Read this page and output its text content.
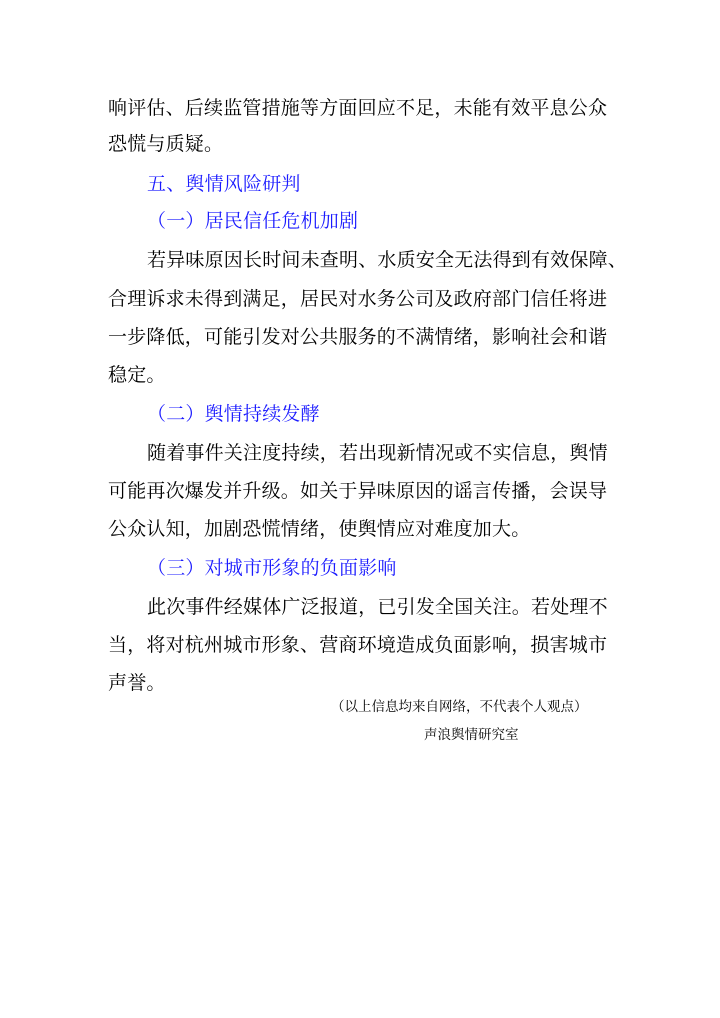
响评估、后续监管措施等方面回应不足，未能有效平息公众
恐慌与质疑。
五、舆情风险研判
（一）居民信任危机加剧
若异味原因长时间未查明、水质安全无法得到有效保障、
合理诉求未得到满足，居民对水务公司及政府部门信任将进
一步降低，可能引发对公共服务的不满情绪，影响社会和谐
稳定。
（二）舆情持续发酵
随着事件关注度持续，若出现新情况或不实信息，舆情
可能再次爆发并升级。如关于异味原因的谣言传播，会误导
公众认知，加剧恐慌情绪，使舆情应对难度加大。
（三）对城市形象的负面影响
此次事件经媒体广泛报道，已引发全国关注。若处理不
当，将对杭州城市形象、营商环境造成负面影响，损害城市
声誉。
（以上信息均来自网络，不代表个人观点）
声浪舆情研究室
